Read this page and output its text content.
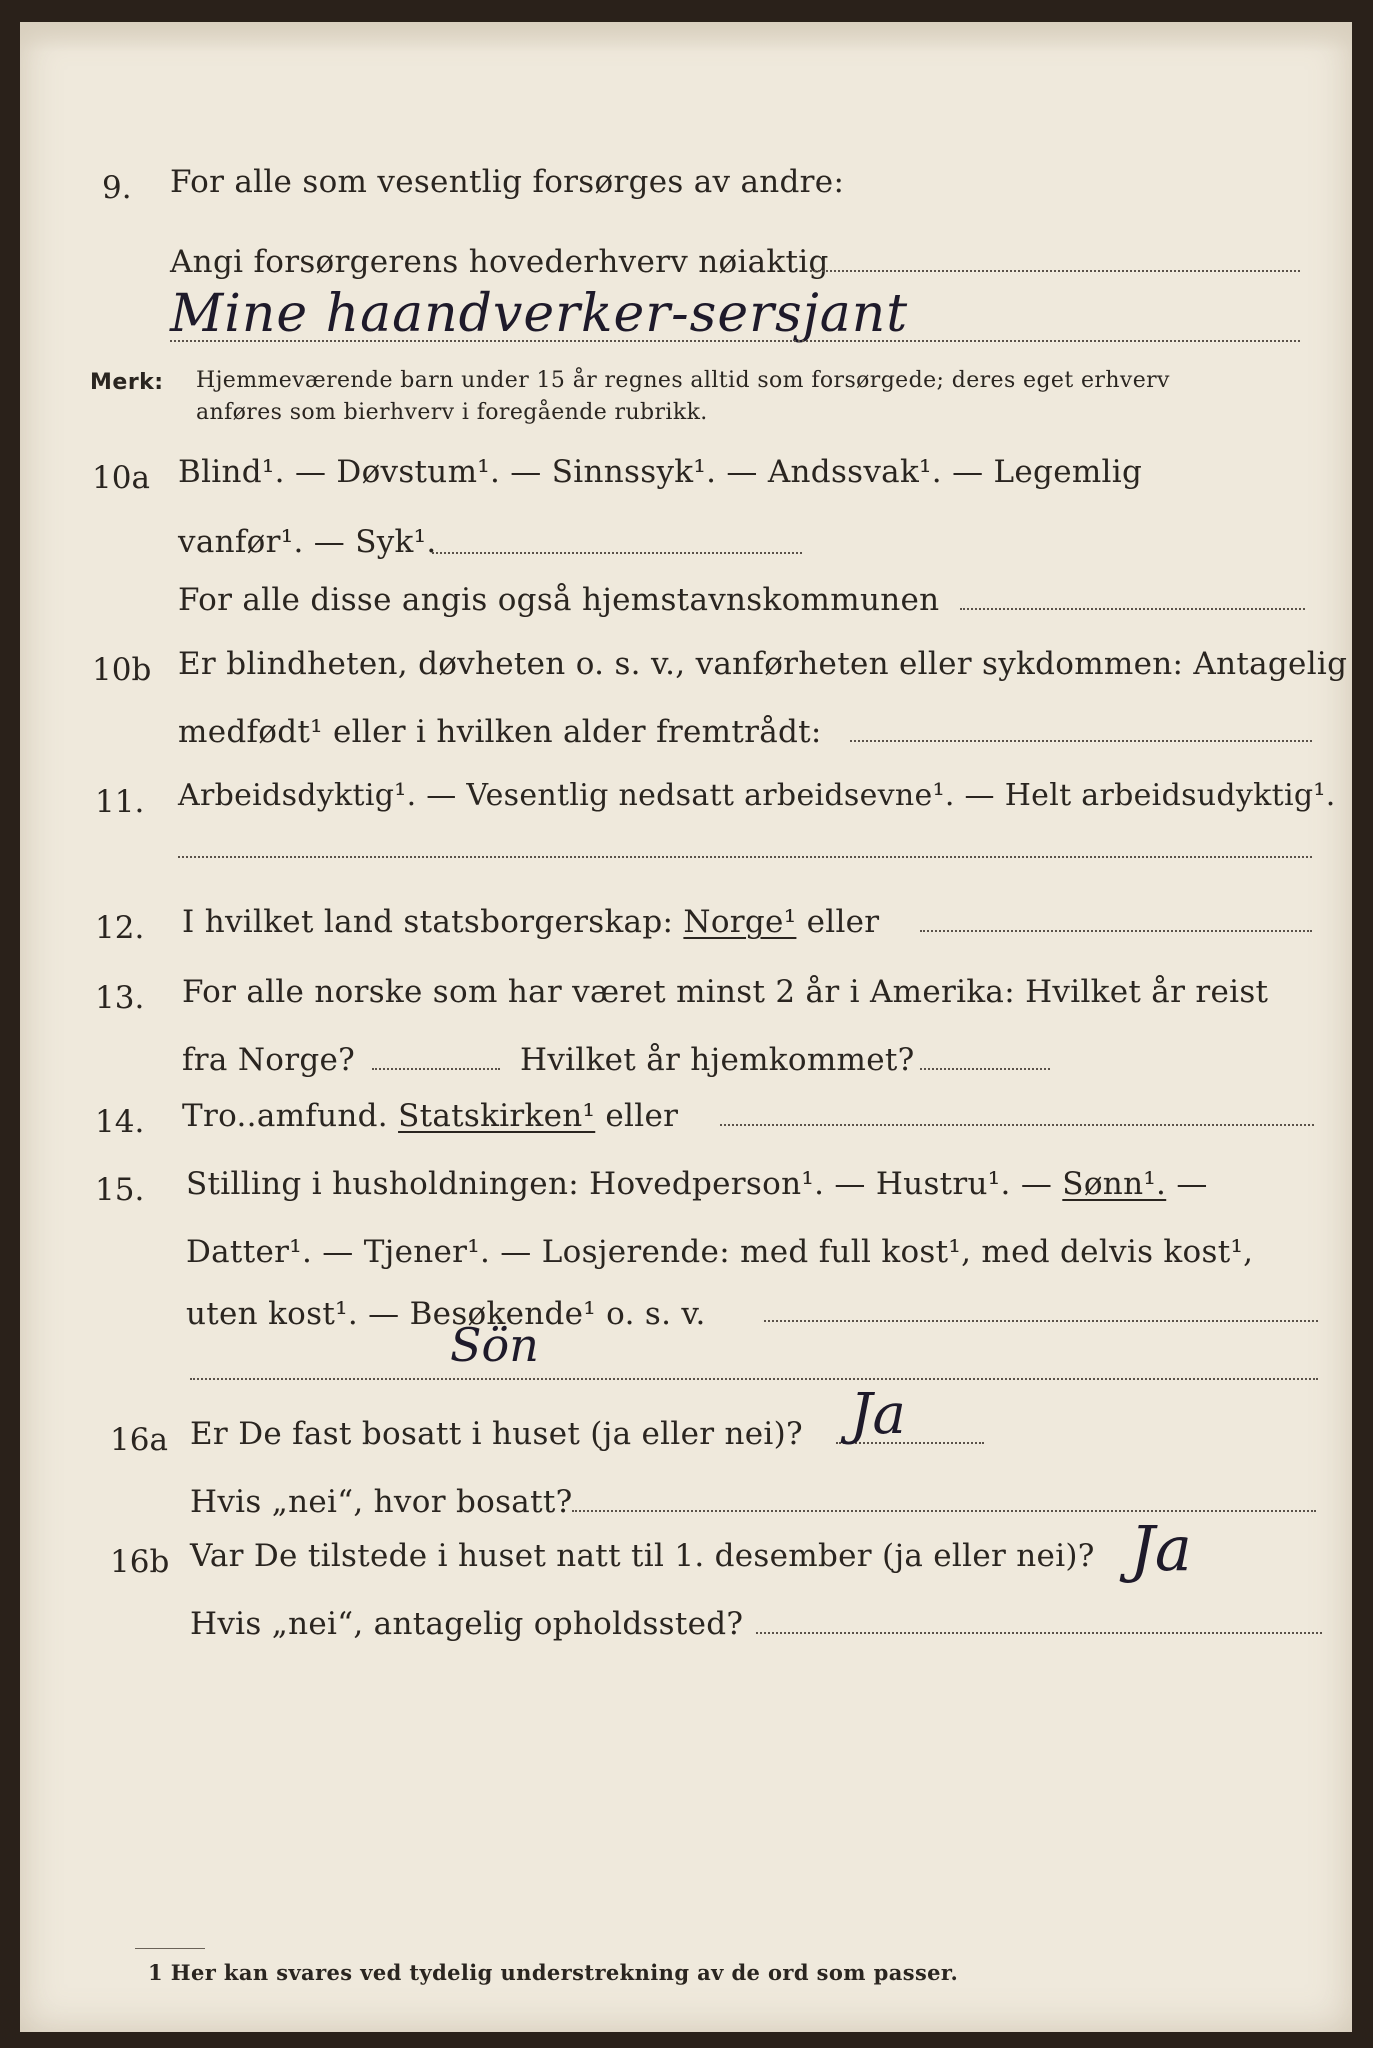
9. For alle som vesentlig forsørges av andre:
Angi forsørgerens hovederhverv nøiaktig
Mine haandverker-sersjant
Merk: Hjemmeværende barn under 15 år regnes alltid som forsørgede; deres eget erhverv
anføres som bierhverv i foregående rubrikk.
10a Blind¹. — Døvstum¹. — Sinnssyk¹. — Andssvak¹. — Legemlig
vanfør¹. — Syk¹.
For alle disse angis også hjemstavnskommunen
10b Er blindheten, døvheten o. s. v., vanførheten eller sykdommen: Antagelig
medfødt¹ eller i hvilken alder fremtrådt:
11. Arbeidsdyktig¹. — Vesentlig nedsatt arbeidsevne¹. — Helt arbeidsudyktig¹.
12. I hvilket land statsborgerskap: Norge¹ eller
13. For alle norske som har været minst 2 år i Amerika: Hvilket år reist
fra Norge?	Hvilket år hjemkommet?
14. Tro..amfund. Statskirken¹ eller
15. Stilling i husholdningen: Hovedperson¹. — Hustru¹. — Sønn¹. —
Datter¹. — Tjener¹. — Losjerende: med full kost¹, med delvis kost¹,
uten kost¹. — Besøkende¹ o. s. v.
Sön
16a Er De fast bosatt i huset (ja eller nei)? Ja
Hvis „nei“, hvor bosatt?
16b Var De tilstede i huset natt til 1. desember (ja eller nei)? Ja
Hvis „nei“, antagelig opholdssted?
1 Her kan svares ved tydelig understrekning av de ord som passer.
